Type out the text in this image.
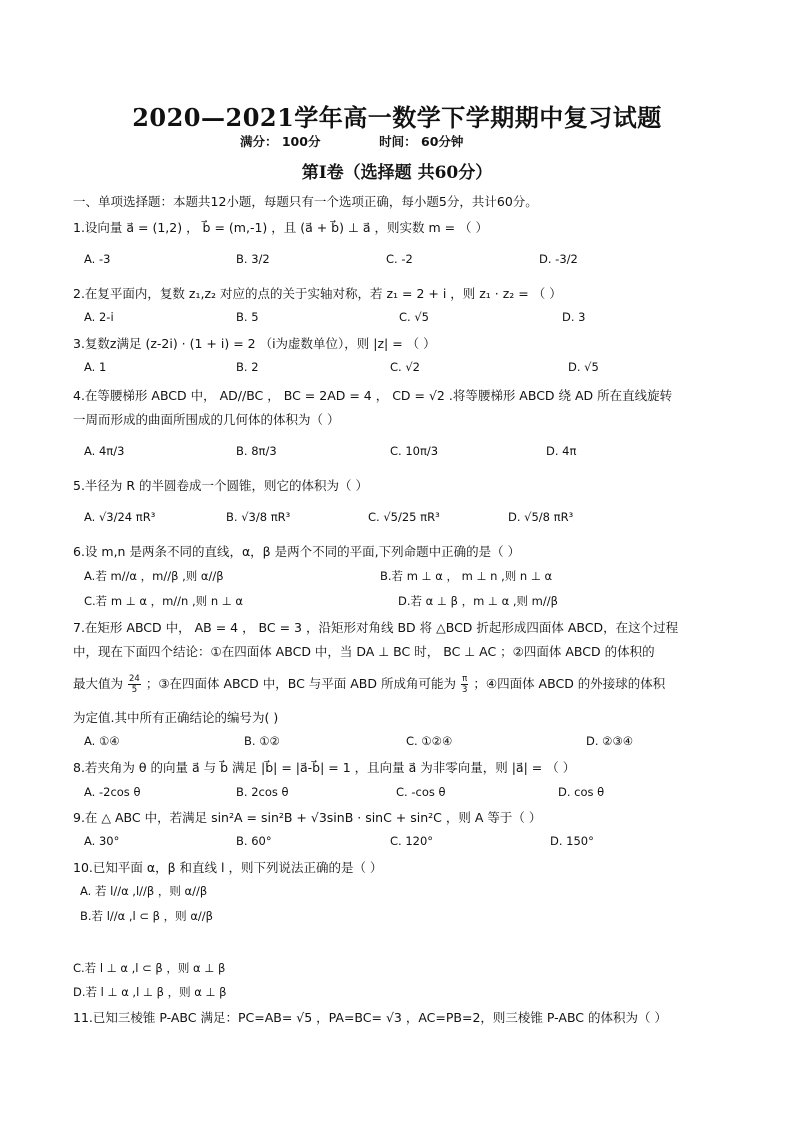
2020—2021学年高一数学下学期期中复习试题
满分： 100分	时间： 60分钟
第Ⅰ卷（选择题 共60分）
一、单项选择题：本题共12小题，每题只有一个选项正确，每小题5分，共计60分。
1.设向量 a⃗ = (1,2) ， b⃗ = (m,-1) ，且 (a⃗ + b⃗) ⊥ a⃗ ，则实数 m = （ ）
A. -3	B. 3/2	C. -2	D. -3/2
2.在复平面内，复数 z₁,z₂ 对应的点的关于实轴对称，若 z₁ = 2 + i ，则 z₁ · z₂ = （ ）
A. 2-i	B. 5	C. √5	D. 3
3.复数z满足 (z-2i) · (1 + i) = 2 （i为虚数单位），则 |z| = （ ）
A. 1	B. 2	C. √2	D. √5
4.在等腰梯形 ABCD 中， AD//BC ， BC = 2AD = 4 ， CD = √2 .将等腰梯形 ABCD 绕 AD 所在直线旋转
一周而形成的曲面所围成的几何体的体积为（ ）
A. 4π/3	B. 8π/3	C. 10π/3	D. 4π
5.半径为 R 的半圆卷成一个圆锥，则它的体积为（ ）
A. √3/24 πR³	B. √3/8 πR³	C. √5/25 πR³	D. √5/8 πR³
6.设 m,n 是两条不同的直线，α，β 是两个不同的平面,下列命题中正确的是（ ）
A.若 m//α ，m//β ,则 α//β	B.若 m ⊥ α ， m ⊥ n ,则 n ⊥ α
C.若 m ⊥ α ，m//n ,则 n ⊥ α	D.若 α ⊥ β ，m ⊥ α ,则 m//β
7.在矩形 ABCD 中， AB = 4 ， BC = 3 ，沿矩形对角线 BD 将 △BCD 折起形成四面体 ABCD，在这个过程
中，现在下面四个结论：①在四面体 ABCD 中，当 DA ⊥ BC 时， BC ⊥ AC ；②四面体 ABCD 的体积的
最大值为 $\frac{24}{5}$ ；③在四面体 ABCD 中，BC 与平面 ABD 所成角可能为 $\frac{\pi}{3}$ ；④四面体 ABCD 的外接球的体积
为定值.其中所有正确结论的编号为( )
A. ①④	B. ①②	C. ①②④	D. ②③④
8.若夹角为 θ 的向量 a⃗ 与 b⃗ 满足 |b⃗| = |a⃗-b⃗| = 1 ，且向量 a⃗ 为非零向量，则 |a⃗| = （ ）
A. -2cos θ	B. 2cos θ	C. -cos θ	D. cos θ
9.在 △ ABC 中，若满足 sin²A = sin²B + √3sinB · sinC + sin²C ，则 A 等于（ ）
A. 30°	B. 60°	C. 120°	D. 150°
10.已知平面 α，β 和直线 l ，则下列说法正确的是（ ）
A. 若 l//α ,l//β ，则 α//β
B.若 l//α ,l ⊂ β ，则 α//β
C.若 l ⊥ α ,l ⊂ β ，则 α ⊥ β
D.若 l ⊥ α ,l ⊥ β ，则 α ⊥ β
11.已知三棱锥 P-ABC 满足：PC=AB= √5 ，PA=BC= √3 ，AC=PB=2，则三棱锥 P-ABC 的体积为（ ）
